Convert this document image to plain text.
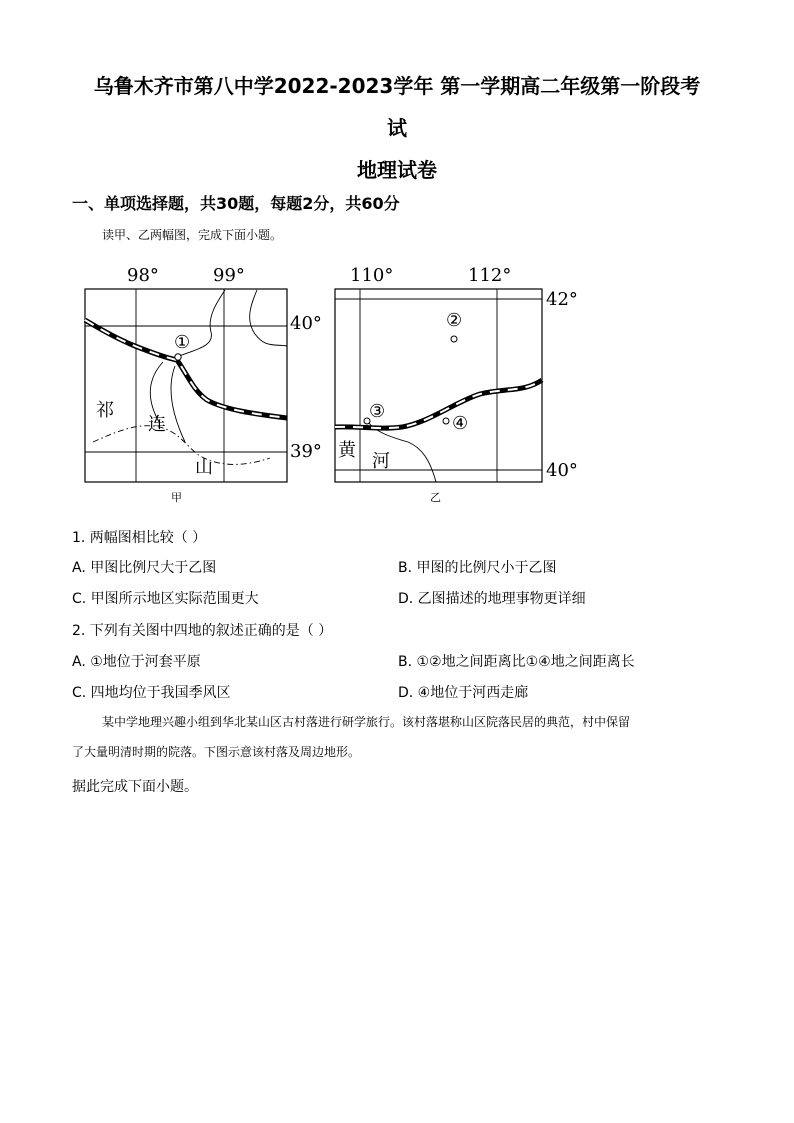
乌鲁木齐市第八中学2022-2023学年 第一学期高二年级第一阶段考
试
地理试卷
一、单项选择题，共30题，每题2分，共60分
读甲、乙两幅图，完成下面小题。
98°	99°
①
祁
连
山
40°
39°
甲
110°	112°
②
③
④
黄
河
42°
40°
乙
1. 两幅图相比较（ ）
A. 甲图比例尺大于乙图	B. 甲图的比例尺小于乙图
C. 甲图所示地区实际范围更大	D. 乙图描述的地理事物更详细
2. 下列有关图中四地的叙述正确的是（ ）
A. ①地位于河套平原	B. ①②地之间距离比①④地之间距离长
C. 四地均位于我国季风区	D. ④地位于河西走廊
某中学地理兴趣小组到华北某山区古村落进行研学旅行。该村落堪称山区院落民居的典范，村中保留
了大量明清时期的院落。下图示意该村落及周边地形。
据此完成下面小题。
